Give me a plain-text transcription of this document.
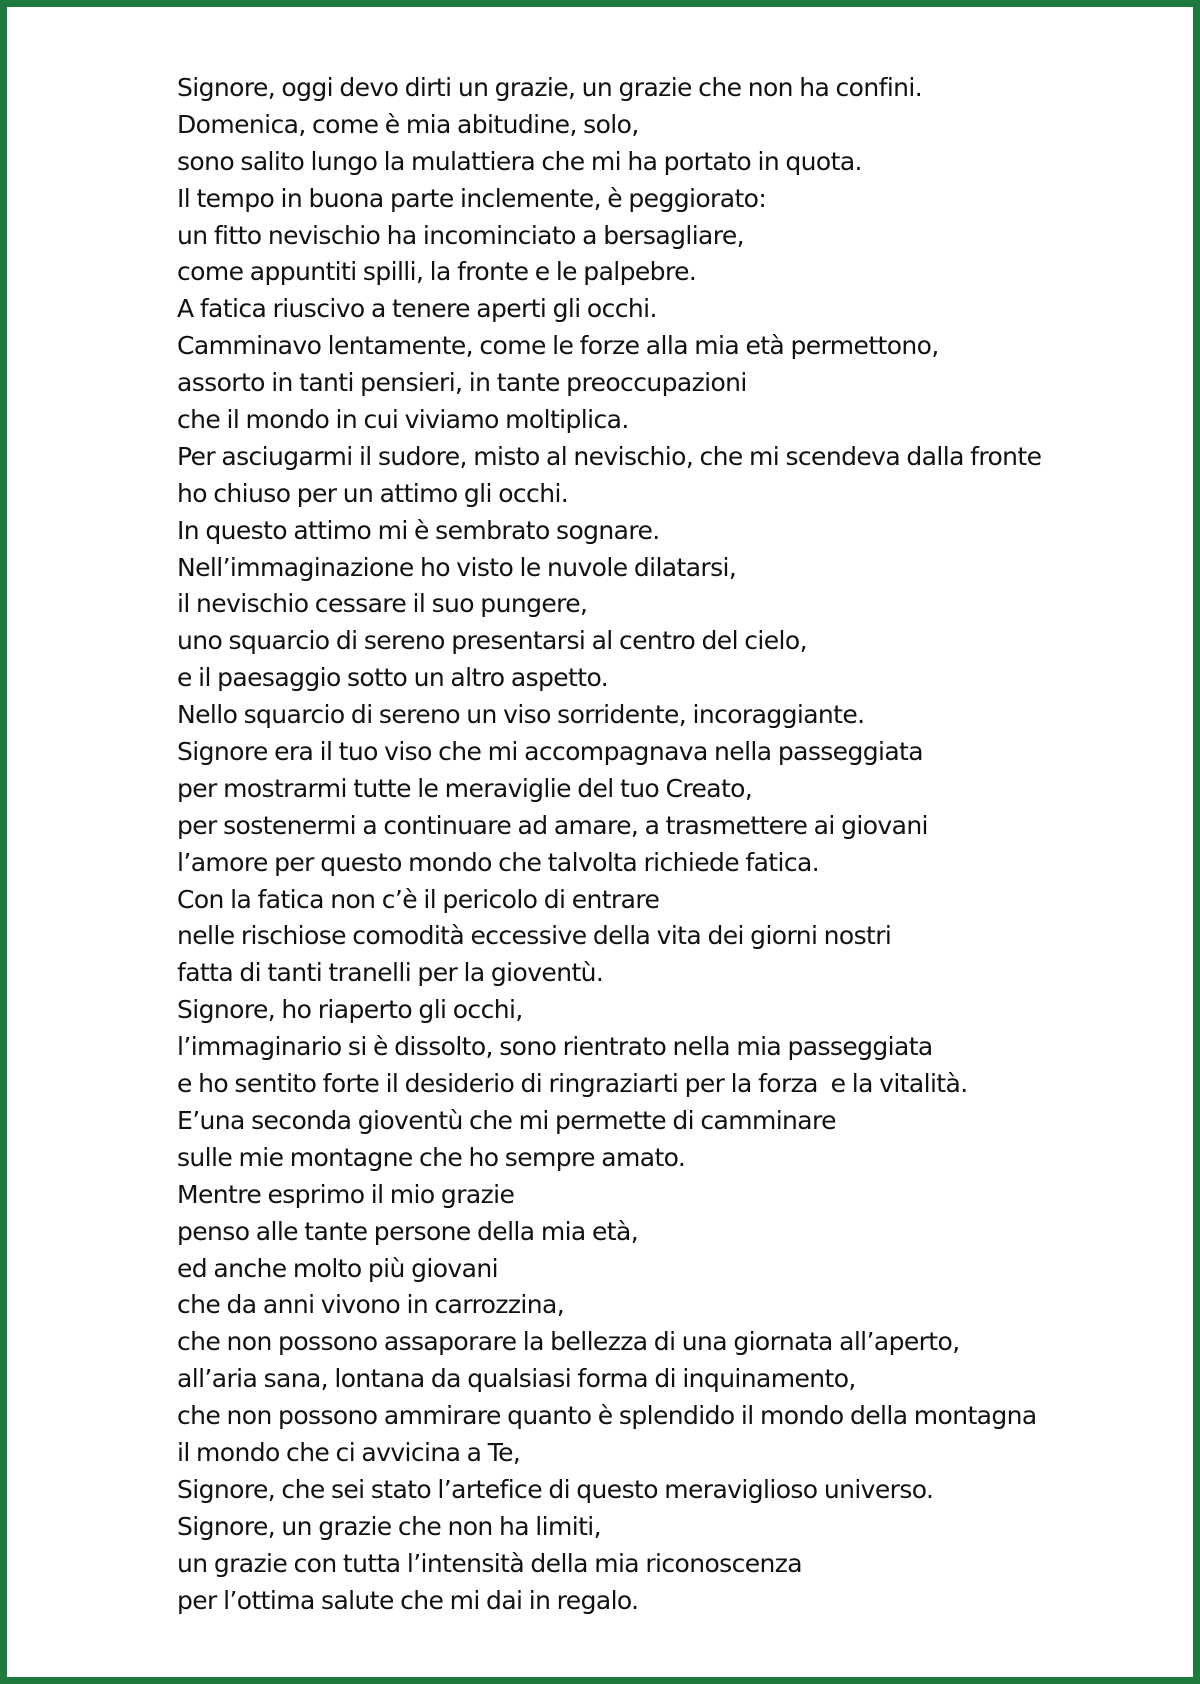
Signore, oggi devo dirti un grazie, un grazie che non ha confini.
Domenica, come è mia abitudine, solo,
sono salito lungo la mulattiera che mi ha portato in quota.
Il tempo in buona parte inclemente, è peggiorato:
un fitto nevischio ha incominciato a bersagliare,
come appuntiti spilli, la fronte e le palpebre.
A fatica riuscivo a tenere aperti gli occhi.
Camminavo lentamente, come le forze alla mia età permettono,
assorto in tanti pensieri, in tante preoccupazioni
che il mondo in cui viviamo moltiplica.
Per asciugarmi il sudore, misto al nevischio, che mi scendeva dalla fronte
ho chiuso per un attimo gli occhi.
In questo attimo mi è sembrato sognare.
Nell’immaginazione ho visto le nuvole dilatarsi,
il nevischio cessare il suo pungere,
uno squarcio di sereno presentarsi al centro del cielo,
e il paesaggio sotto un altro aspetto.
Nello squarcio di sereno un viso sorridente, incoraggiante.
Signore era il tuo viso che mi accompagnava nella passeggiata
per mostrarmi tutte le meraviglie del tuo Creato,
per sostenermi a continuare ad amare, a trasmettere ai giovani
l’amore per questo mondo che talvolta richiede fatica.
Con la fatica non c’è il pericolo di entrare
nelle rischiose comodità eccessive della vita dei giorni nostri
fatta di tanti tranelli per la gioventù.
Signore, ho riaperto gli occhi,
l’immaginario si è dissolto, sono rientrato nella mia passeggiata
e ho sentito forte il desiderio di ringraziarti per la forza  e la vitalità.
E’una seconda gioventù che mi permette di camminare
sulle mie montagne che ho sempre amato.
Mentre esprimo il mio grazie
penso alle tante persone della mia età,
ed anche molto più giovani
che da anni vivono in carrozzina,
che non possono assaporare la bellezza di una giornata all’aperto,
all’aria sana, lontana da qualsiasi forma di inquinamento,
che non possono ammirare quanto è splendido il mondo della montagna
il mondo che ci avvicina a Te,
Signore, che sei stato l’artefice di questo meraviglioso universo.
Signore, un grazie che non ha limiti,
un grazie con tutta l’intensità della mia riconoscenza
per l’ottima salute che mi dai in regalo.
